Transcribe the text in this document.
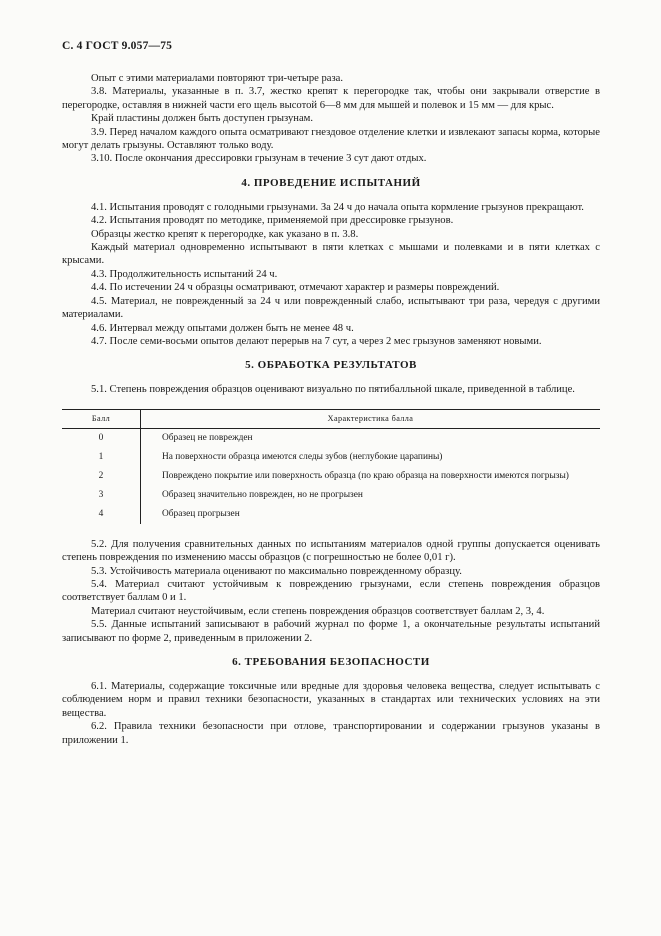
С. 4 ГОСТ 9.057—75

Опыт с этими материалами повторяют три-четыре раза.

3.8. Материалы, указанные в п. 3.7, жестко крепят к перегородке так, чтобы они закрывали отверстие в перегородке, оставляя в нижней части его щель высотой 6—8 мм для мышей и полевок и 15 мм — для крыс.

Край пластины должен быть доступен грызунам.

3.9. Перед началом каждого опыта осматривают гнездовое отделение клетки и извлекают запасы корма, которые могут делать грызуны. Оставляют только воду.

3.10. После окончания дрессировки грызунам в течение 3 сут дают отдых.

4. ПРОВЕДЕНИЕ ИСПЫТАНИЙ

4.1. Испытания проводят с голодными грызунами. За 24 ч до начала опыта кормление грызунов прекращают.

4.2. Испытания проводят по методике, применяемой при дрессировке грызунов.

Образцы жестко крепят к перегородке, как указано в п. 3.8.

Каждый материал одновременно испытывают в пяти клетках с мышами и полевками и в пяти клетках с крысами.

4.3. Продолжительность испытаний 24 ч.

4.4. По истечении 24 ч образцы осматривают, отмечают характер и размеры повреждений.

4.5. Материал, не поврежденный за 24 ч или поврежденный слабо, испытывают три раза, чередуя с другими материалами.

4.6. Интервал между опытами должен быть не менее 48 ч.

4.7. После семи-восьми опытов делают перерыв на 7 сут, а через 2 мес грызунов заменяют новыми.

5. ОБРАБОТКА РЕЗУЛЬТАТОВ

5.1. Степень повреждения образцов оценивают визуально по пятибалльной шкале, приведенной в таблице.

Балл	Характеристика балла
0	Образец не поврежден
1	На поверхности образца имеются следы зубов (неглубокие царапины)
2	Повреждено покрытие или поверхность образца (по краю образца на поверхности имеются погрызы)
3	Образец значительно поврежден, но не прогрызен
4	Образец прогрызен

5.2. Для получения сравнительных данных по испытаниям материалов одной группы допускается оценивать степень повреждения по изменению массы образцов (с погрешностью не более 0,01 г).

5.3. Устойчивость материала оценивают по максимально поврежденному образцу.

5.4. Материал считают устойчивым к повреждению грызунами, если степень повреждения образцов соответствует баллам 0 и 1.

Материал считают неустойчивым, если степень повреждения образцов соответствует баллам 2, 3, 4.

5.5. Данные испытаний записывают в рабочий журнал по форме 1, а окончательные результаты испытаний записывают по форме 2, приведенным в приложении 2.

6. ТРЕБОВАНИЯ БЕЗОПАСНОСТИ

6.1. Материалы, содержащие токсичные или вредные для здоровья человека вещества, следует испытывать с соблюдением норм и правил техники безопасности, указанных в стандартах или технических условиях на эти вещества.

6.2. Правила техники безопасности при отлове, транспортировании и содержании грызунов указаны в приложении 1.
